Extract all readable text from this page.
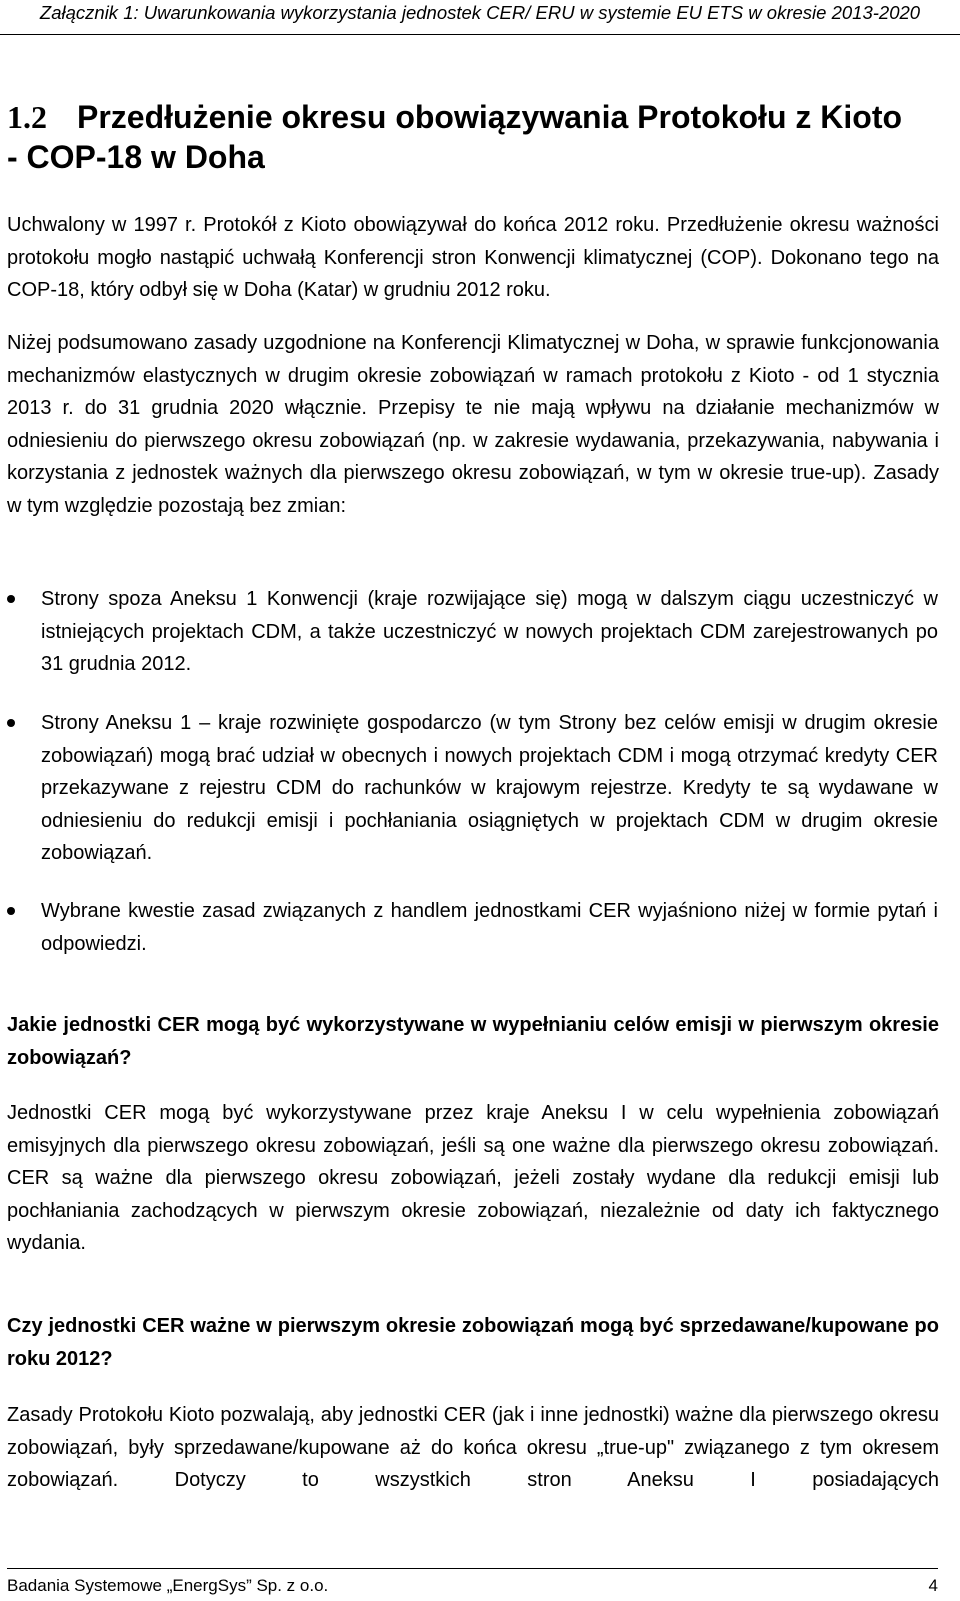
Załącznik 1: Uwarunkowania wykorzystania jednostek CER/ ERU w systemie EU ETS w okresie 2013-2020
1.2 Przedłużenie okresu obowiązywania Protokołu z Kioto
- COP-18 w Doha

Uchwalony w 1997 r. Protokół z Kioto obowiązywał do końca 2012 roku. Przedłużenie okresu ważności protokołu mogło nastąpić uchwałą Konferencji stron Konwencji klimatycznej (COP). Dokonano tego na COP-18, który odbył się w Doha (Katar) w grudniu 2012 roku.

Niżej podsumowano zasady uzgodnione na Konferencji Klimatycznej w Doha, w sprawie funkcjonowania mechanizmów elastycznych w drugim okresie zobowiązań w ramach protokołu z Kioto - od 1 stycznia 2013 r. do 31 grudnia 2020 włącznie. Przepisy te nie mają wpływu na działanie mechanizmów w odniesieniu do pierwszego okresu zobowiązań (np. w zakresie wydawania, przekazywania, nabywania i korzystania z jednostek ważnych dla pierwszego okresu zobowiązań, w tym w okresie true-up). Zasady w tym względzie pozostają bez zmian:

Strony spoza Aneksu 1 Konwencji (kraje rozwijające się) mogą w dalszym ciągu uczestniczyć w istniejących projektach CDM, a także uczestniczyć w nowych projektach CDM zarejestrowanych po 31 grudnia 2012.
Strony Aneksu 1 – kraje rozwinięte gospodarczo (w tym Strony bez celów emisji w drugim okresie zobowiązań) mogą brać udział w obecnych i nowych projektach CDM i mogą otrzymać kredyty CER przekazywane z rejestru CDM do rachunków w krajowym rejestrze. Kredyty te są wydawane w odniesieniu do redukcji emisji i pochłaniania osiągniętych w projektach CDM w drugim okresie zobowiązań.
Wybrane kwestie zasad związanych z handlem jednostkami CER wyjaśniono niżej w formie pytań i odpowiedzi.

Jakie jednostki CER mogą być wykorzystywane w wypełnianiu celów emisji w pierwszym okresie zobowiązań?

Jednostki CER mogą być wykorzystywane przez kraje Aneksu I w celu wypełnienia zobowiązań emisyjnych dla pierwszego okresu zobowiązań, jeśli są one ważne dla pierwszego okresu zobowiązań. CER są ważne dla pierwszego okresu zobowiązań, jeżeli zostały wydane dla redukcji emisji lub pochłaniania zachodzących w pierwszym okresie zobowiązań, niezależnie od daty ich faktycznego wydania.

Czy jednostki CER ważne w pierwszym okresie zobowiązań mogą być sprzedawane/kupowane po roku 2012?

Zasady Protokołu Kioto pozwalają, aby jednostki CER (jak i inne jednostki) ważne dla pierwszego okresu zobowiązań, były sprzedawane/kupowane aż do końca okresu „true-up" związanego z tym okresem zobowiązań. Dotyczy to wszystkich stron Aneksu I posiadających

Badania Systemowe „EnergSys” Sp. z o.o.	4
